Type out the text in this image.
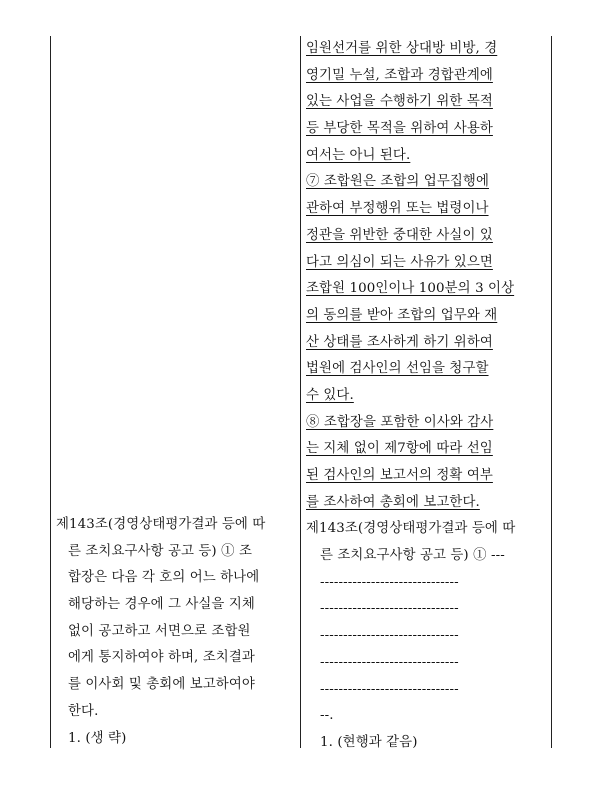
임원선거를 위한 상대방 비방, 경
영기밀 누설, 조합과 경합관계에
있는 사업을 수행하기 위한 목적
등 부당한 목적을 위하여 사용하
여서는 아니 된다.
⑦ 조합원은 조합의 업무집행에
관하여 부정행위 또는 법령이나
정관을 위반한 중대한 사실이 있
다고 의심이 되는 사유가 있으면
조합원 100인이나 100분의 3 이상
의 동의를 받아 조합의 업무와 재
산 상태를 조사하게 하기 위하여
법원에 검사인의 선임을 청구할
수 있다.
⑧ 조합장을 포함한 이사와 감사
는 지체 없이 제7항에 따라 선임
된 검사인의 보고서의 정확 여부
를 조사하여 총회에 보고한다.
제143조(경영상태평가결과 등에 따
른 조치요구사항 공고 등) ① ---
------------------------------
------------------------------
------------------------------
------------------------------
------------------------------
--.
1. (현행과 같음)
제143조(경영상태평가결과 등에 따
른 조치요구사항 공고 등) ① 조
합장은 다음 각 호의 어느 하나에
해당하는 경우에 그 사실을 지체
없이 공고하고 서면으로 조합원
에게 통지하여야 하며, 조치결과
를 이사회 및 총회에 보고하여야
한다.
1. (생 략)
